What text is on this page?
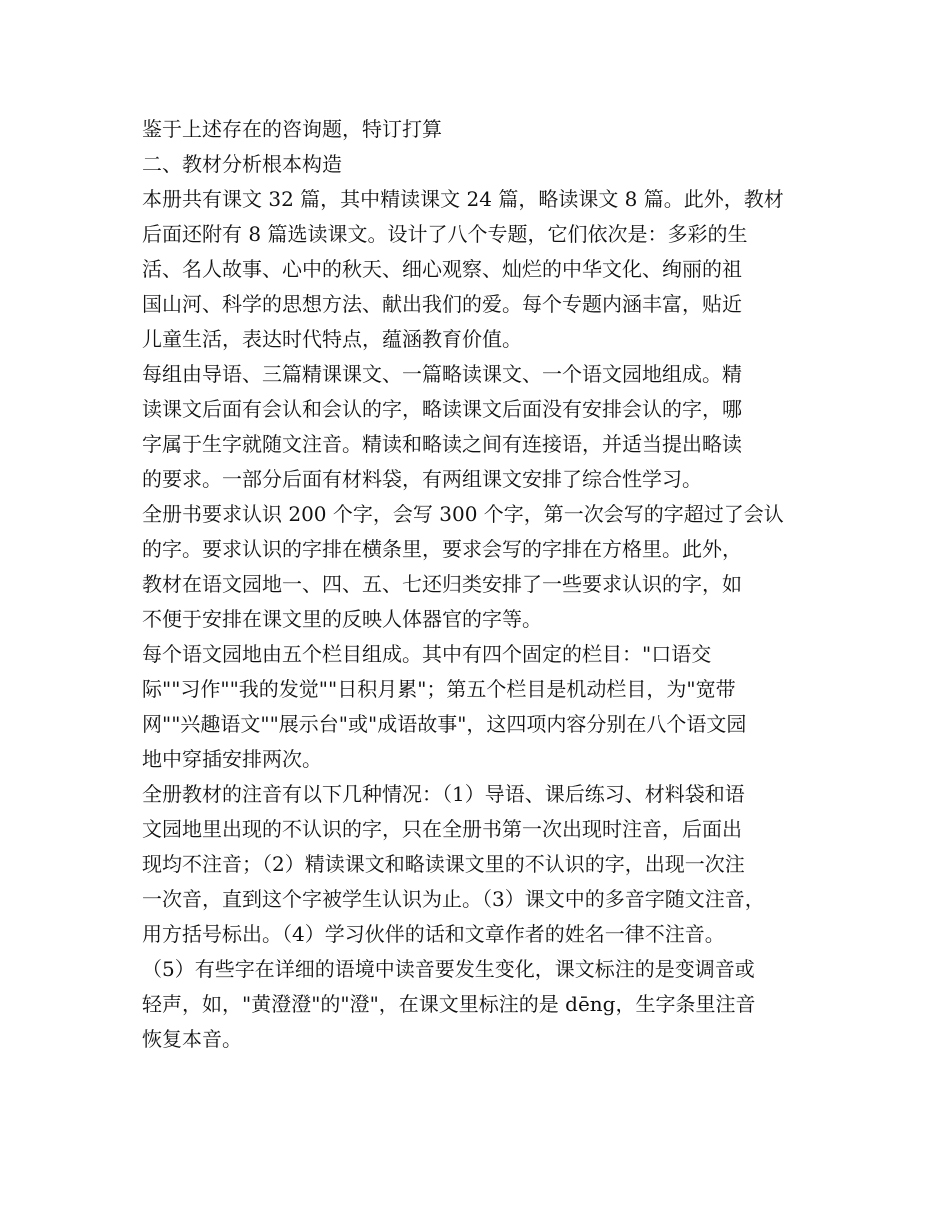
鉴于上述存在的咨询题，特订打算
二、教材分析根本构造
本册共有课文 32 篇，其中精读课文 24 篇，略读课文 8 篇。此外，教材
后面还附有 8 篇选读课文。设计了八个专题，它们依次是：多彩的生
活、名人故事、心中的秋天、细心观察、灿烂的中华文化、绚丽的祖
国山河、科学的思想方法、献出我们的爱。每个专题内涵丰富，贴近
儿童生活，表达时代特点，蕴涵教育价值。
每组由导语、三篇精课课文、一篇略读课文、一个语文园地组成。精
读课文后面有会认和会认的字，略读课文后面没有安排会认的字，哪
字属于生字就随文注音。精读和略读之间有连接语，并适当提出略读
的要求。一部分后面有材料袋，有两组课文安排了综合性学习。
全册书要求认识 200 个字，会写 300 个字，第一次会写的字超过了会认
的字。要求认识的字排在横条里，要求会写的字排在方格里。此外，
教材在语文园地一、四、五、七还归类安排了一些要求认识的字，如
不便于安排在课文里的反映人体器官的字等。
每个语文园地由五个栏目组成。其中有四个固定的栏目："口语交
际""习作""我的发觉""日积月累"；第五个栏目是机动栏目，为"宽带
网""兴趣语文""展示台"或"成语故事"，这四项内容分别在八个语文园
地中穿插安排两次。
全册教材的注音有以下几种情况：（1）导语、课后练习、材料袋和语
文园地里出现的不认识的字，只在全册书第一次出现时注音，后面出
现均不注音；（2）精读课文和略读课文里的不认识的字，出现一次注
一次音，直到这个字被学生认识为止。（3）课文中的多音字随文注音，
用方括号标出。（4）学习伙伴的话和文章作者的姓名一律不注音。
（5）有些字在详细的语境中读音要发生变化，课文标注的是变调音或
轻声，如，"黄澄澄"的"澄"，在课文里标注的是 dēng，生字条里注音
恢复本音。
